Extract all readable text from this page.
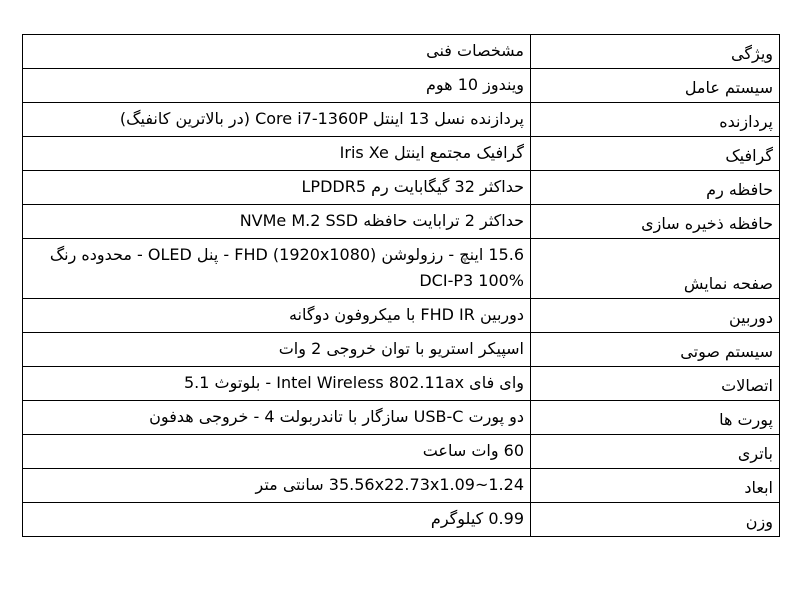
ویژگی	مشخصات فنی
سیستم عامل	ویندوز 10 هوم
پردازنده	پردازنده نسل 13 اینتل Core i7-1360P (در بالاترین کانفیگ)
گرافیک	گرافیک مجتمع اینتل Iris Xe
حافظه رم	حداکثر 32 گیگابایت رم LPDDR5
حافظه ذخیره سازی	حداکثر 2 ترابایت حافظه NVMe M.2 SSD
صفحه نمایش	15.6 اینچ - رزولوشن FHD (1920x1080) - پنل OLED - محدوده رنگ DCI-P3 100%
دوربین	دوربین FHD IR با میکروفون دوگانه
سیستم صوتی	اسپیکر استریو با توان خروجی 2 وات
اتصالات	وای فای Intel Wireless 802.11ax - بلوتوث 5.1
پورت ها	دو پورت USB-C سازگار با تاندربولت 4 - خروجی هدفون
باتری	60 وات ساعت
ابعاد	35.56x22.73x1.09~1.24 سانتی متر
وزن	0.99 کیلوگرم
